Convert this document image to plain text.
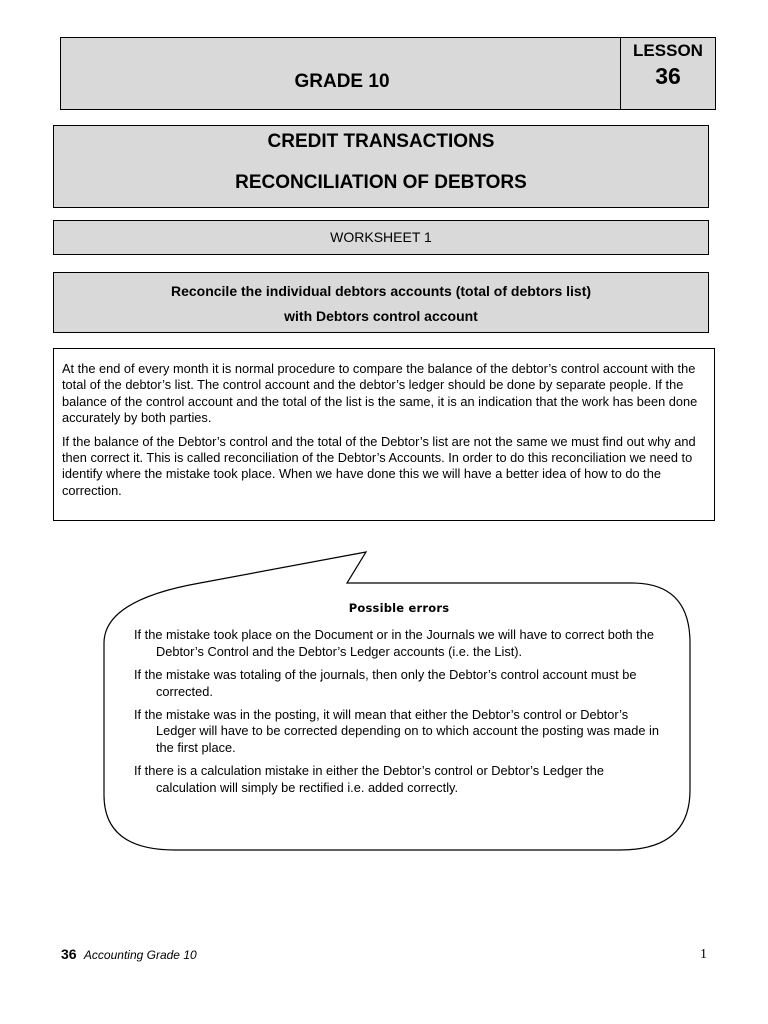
GRADE 10
LESSON
36
CREDIT TRANSACTIONS
RECONCILIATION OF DEBTORS
WORKSHEET 1
Reconcile the individual debtors accounts (total of debtors list)
with Debtors control account

At the end of every month it is normal procedure to compare the balance of the debtor’s control account with the total of the debtor’s list. The control account and the debtor’s ledger should be done by separate people. If the balance of the control account and the total of the list is the same, it is an indication that the work has been done accurately by both parties.

If the balance of the Debtor’s control and the total of the Debtor’s list are not the same we must find out why and then correct it. This is called reconciliation of the Debtor’s Accounts. In order to do this reconciliation we need to identify where the mistake took place. When we have done this we will have a better idea of how to do the correction.

Possible errors
If the mistake took place on the Document or in the Journals we will have to correct both the Debtor’s Control and the Debtor’s Ledger accounts (i.e. the List).
If the mistake was totaling of the journals, then only the Debtor’s control account must be corrected.
If the mistake was in the posting, it will mean that either the Debtor’s control or Debtor’s Ledger will have to be corrected depending on to which account the posting was made in the first place.
If there is a calculation mistake in either the Debtor’s control or Debtor’s Ledger the calculation will simply be rectified i.e. added correctly.
36 Accounting Grade 10	1
